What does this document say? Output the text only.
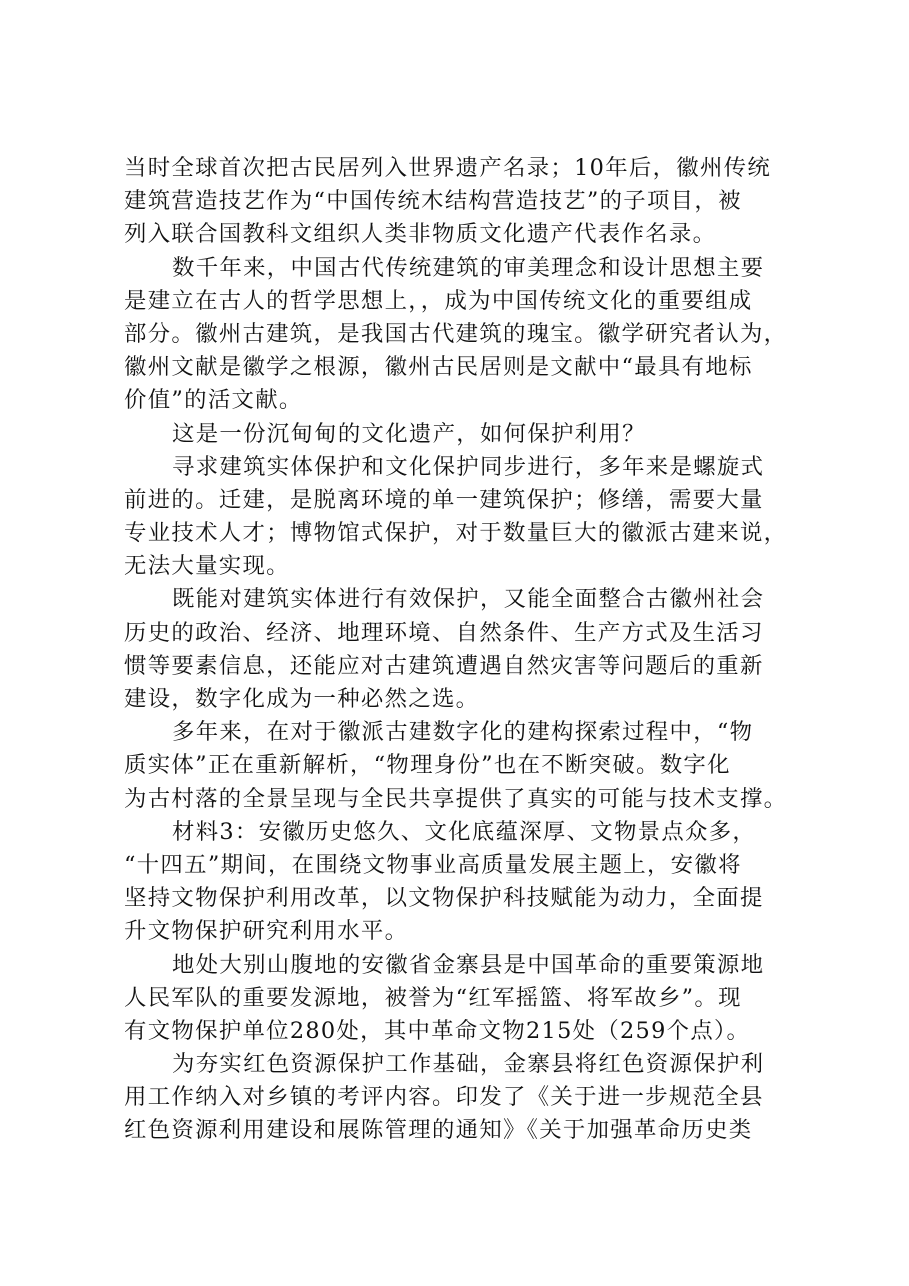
当时全球首次把古民居列入世界遗产名录；10年后，徽州传统
建筑营造技艺作为“中国传统木结构营造技艺”的子项目，被
列入联合国教科文组织人类非物质文化遗产代表作名录。

数千年来，中国古代传统建筑的审美理念和设计思想主要
是建立在古人的哲学思想上，，成为中国传统文化的重要组成
部分。徽州古建筑，是我国古代建筑的瑰宝。徽学研究者认为，
徽州文献是徽学之根源，徽州古民居则是文献中“最具有地标
价值”的活文献。

这是一份沉甸甸的文化遗产，如何保护利用？

寻求建筑实体保护和文化保护同步进行，多年来是螺旋式
前进的。迁建，是脱离环境的单一建筑保护；修缮，需要大量
专业技术人才；博物馆式保护，对于数量巨大的徽派古建来说，
无法大量实现。

既能对建筑实体进行有效保护，又能全面整合古徽州社会
历史的政治、经济、地理环境、自然条件、生产方式及生活习
惯等要素信息，还能应对古建筑遭遇自然灾害等问题后的重新
建设，数字化成为一种必然之选。

多年来，在对于徽派古建数字化的建构探索过程中，“物
质实体”正在重新解析，“物理身份”也在不断突破。数字化
为古村落的全景呈现与全民共享提供了真实的可能与技术支撑。

材料3：安徽历史悠久、文化底蕴深厚、文物景点众多，
“十四五”期间，在围绕文物事业高质量发展主题上，安徽将
坚持文物保护利用改革，以文物保护科技赋能为动力，全面提
升文物保护研究利用水平。

地处大别山腹地的安徽省金寨县是中国革命的重要策源地
人民军队的重要发源地，被誉为“红军摇篮、将军故乡”。现
有文物保护单位280处，其中革命文物215处（259个点）。

为夯实红色资源保护工作基础，金寨县将红色资源保护利
用工作纳入对乡镇的考评内容。印发了《关于进一步规范全县
红色资源利用建设和展陈管理的通知》《关于加强革命历史类
